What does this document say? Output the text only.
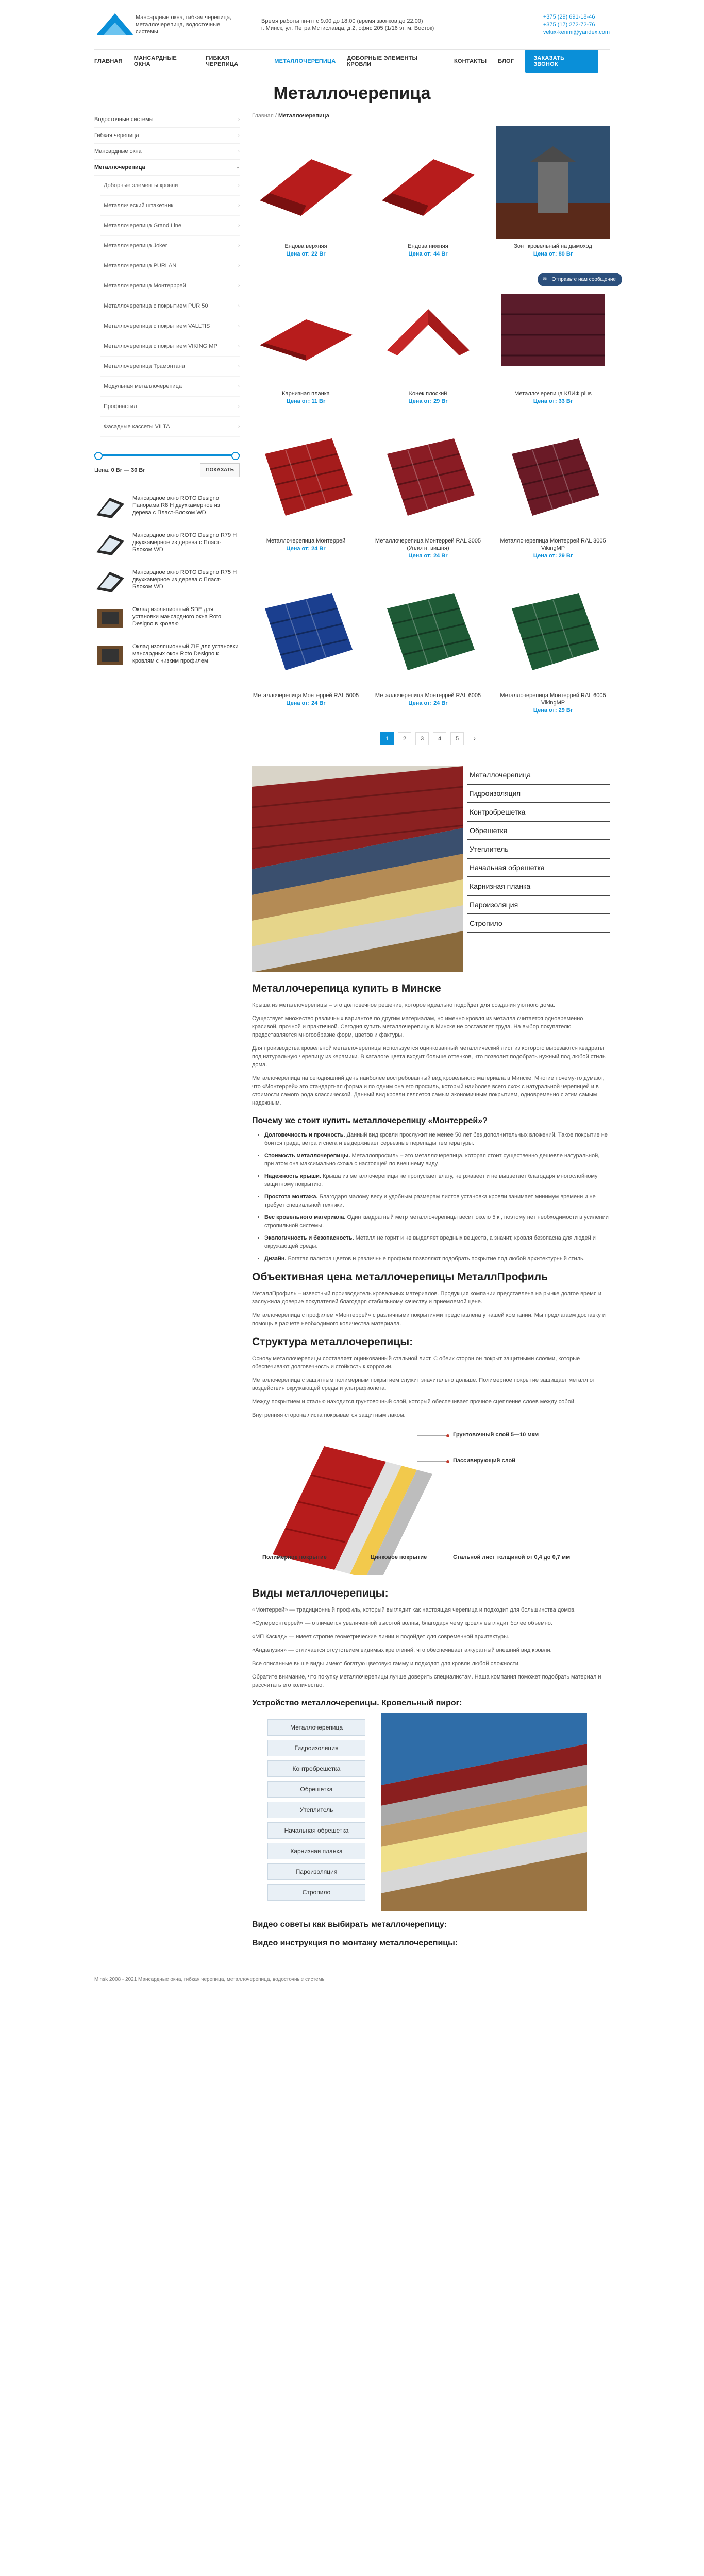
Мансардные окна, гибкая черепица, металлочерепица, водосточные системы
Время работы пн-пт с 9.00 до 18.00 (время звонков до 22.00)
г. Минск, ул. Петра Мстиславца, д.2, офис 205 (1/16 эт. м. Восток)
+375 (29) 691-18-46
+375 (17) 272-72-76
velux-kerimi@yandex.com
ГЛАВНАЯ МАНСАРДНЫЕ ОКНА
ГИБКАЯ ЧЕРЕПИЦА	МЕТАЛЛОЧЕРЕПИЦА ДОБОРНЫЕ ЭЛЕМЕНТЫ КРОВЛИ	КОНТАКТЫ БЛОГ	ЗАКАЗАТЬ ЗВОНОК
Металлочерепица
Водосточные системы	›
Гибкая черепица	›
Мансардные окна	›
Металлочерепица	⌄
Доборные элементы кровли	›
Металлический штакетник	›
Металлочерепица Grand Line	›
Металлочерепица Joker	›
Металлочерепица PURLAN	›
Металлочерепица Монтерррей	›
Металлочерепица с покрытием PUR 50	›
Металлочерепица с покрытием VALLTIS	›
Металлочерепица с покрытием VIKING MP	›
Металлочерепица Трамонтана	›
Модульная металлочерепица	›
Профнастил	›
Фасадные кассеты VILTA	›
Цена: 0 Br — 30 Br	ПОКАЗАТЬ
Мансардное окно ROTO Designo Панорама R8 H двухкамерное из дерева с Пласт-Блоком WD
Мансардное окно ROTO Designo R79 H двухкамерное из дерева с Пласт-Блоком WD
Мансардное окно ROTO Designo R75 H двухкамерное из дерева с Пласт-Блоком WD
Оклад изоляционный SDE для установки мансардного окна Roto Designo в кровлю
Оклад изоляционный ZIE для установки мансардных окон Roto Designo к кровлям с низким профилем
Главная / Металлочерепица
Ендова верхняя
Цена от: 22 Br
Ендова нижняя
Цена от: 44 Br
Зонт кровельный на дымоход
Цена от: 80 Br
Карнизная планка
Цена от: 11 Br
Конек плоский
Цена от: 29 Br
✉ Отправьте нам сообщение
Металлочерепица КЛИФ plus
Цена от: 33 Br
Металлочерепица Монтеррей
Цена от: 24 Br
Металлочерепица Монтеррей RAL 3005 (Уплотн. вишня)
Цена от: 24 Br
Металлочерепица Монтеррей RAL 3005 VikingMP
Цена от: 29 Br
Металлочерепица Монтеррей RAL 5005
Цена от: 24 Br
Металлочерепица Монтеррей RAL 6005
Цена от: 24 Br
Металлочерепица Монтеррей RAL 6005 VikingMP
Цена от: 29 Br
1	2	3	4	5	›
Металлочерепица
Гидроизоляция
Контробрешетка
Обрешетка
Утеплитель
Начальная обрешетка
Карнизная планка
Пароизоляция
Стропило
Металлочерепица купить в Минске

Крыша из металлочерепицы – это долговечное решение, которое идеально подойдет для создания уютного дома.

Существует множество различных вариантов по другим материалам, но именно кровля из металла считается одновременно красивой, прочной и практичной. Сегодня купить металлочерепицу в Минске не составляет труда. На выбор покупателю предоставляется многообразие форм, цветов и фактуры.

Для производства кровельной металлочерепицы используется оцинкованный металлический лист из которого вырезаются квадраты под натуральную черепицу из керамики. В каталоге цвета входит больше оттенков, что позволит подобрать нужный под любой стиль дома.

Металлочерепица на сегодняшний день наиболее востребованный вид кровельного материала в Минске. Многие почему-то думают, что «Монтеррей» это стандартная форма и по одним она его профиль, который наиболее всего схож с натуральной черепицей и в стоимости самого рода классической. Данный вид кровли является самым экономичным покрытием, одновременно с этим самым надежным.

Почему же стоит купить металлочерепицу «Монтеррей»?
• Долговечность и прочность. Данный вид кровли прослужит не менее 50 лет без дополнительных вложений. Такое покрытие не боится града, ветра и снега и выдерживает серьезные перепады температуры.
• Стоимость металлочерепицы. Металлопрофиль – это металлочерепица, которая стоит существенно дешевле натуральной, при этом она максимально схожа с настоящей по внешнему виду.
• Надежность крыши. Крыша из металлочерепицы не пропускает влагу, не ржавеет и не выцветает благодаря многослойному защитному покрытию.
• Простота монтажа. Благодаря малому весу и удобным размерам листов установка кровли занимает минимум времени и не требует специальной техники.
• Вес кровельного материала. Один квадратный метр металлочерепицы весит около 5 кг, поэтому нет необходимости в усилении стропильной системы.
• Экологичность и безопасность. Металл не горит и не выделяет вредных веществ, а значит, кровля безопасна для людей и окружающей среды.
• Дизайн. Богатая палитра цветов и различные профили позволяют подобрать покрытие под любой архитектурный стиль.
Объективная цена металлочерепицы МеталлПрофиль

МеталлПрофиль – известный производитель кровельных материалов. Продукция компании представлена на рынке долгое время и заслужила доверие покупателей благодаря стабильному качеству и приемлемой цене.

Металлочерепица с профилем «Монтеррей» с различными покрытиями представлена у нашей компании. Мы предлагаем доставку и помощь в расчете необходимого количества материала.

Структура металлочерепицы:

Основу металлочерепицы составляет оцинкованный стальной лист. С обеих сторон он покрыт защитными слоями, которые обеспечивают долговечность и стойкость к коррозии.

Металлочерепица с защитным полимерным покрытием служит значительно дольше. Полимерное покрытие защищает металл от воздействия окружающей среды и ультрафиолета.

Между покрытием и сталью находится грунтовочный слой, который обеспечивает прочное сцепление слоев между собой.

Внутренняя сторона листа покрывается защитным лаком.

Грунтовочный слой 5—10 мкм
Пассивирующий слой
Полимерное покрытие	Цинковое покрытие	Стальной лист толщиной от 0,4 до 0,7 мм
Виды металлочерепицы:

«Монтеррей» — традиционный профиль, который выглядит как настоящая черепица и подходит для большинства домов.

«Супермонтеррей» — отличается увеличенной высотой волны, благодаря чему кровля выглядит более объемно.

«МП Каскад» — имеет строгие геометрические линии и подойдет для современной архитектуры.

«Андалузия» — отличается отсутствием видимых креплений, что обеспечивает аккуратный внешний вид кровли.

Все описанные выше виды имеют богатую цветовую гамму и подходят для кровли любой сложности.

Обратите внимание, что покупку металлочерепицы лучше доверить специалистам. Наша компания поможет подобрать материал и рассчитать его количество.

Устройство металлочерепицы. Кровельный пирог:
Металлочерепица
Гидроизоляция
Контробрешетка
Обрешетка
Утеплитель
Начальная обрешетка
Карнизная планка
Пароизоляция
Стропило
Видео советы как выбирать металлочерепицу:
Видео инструкция по монтажу металлочерепицы:
Minsk 2008 - 2021 Мансардные окна, гибкая черепица, металлочерепица, водосточные системы
